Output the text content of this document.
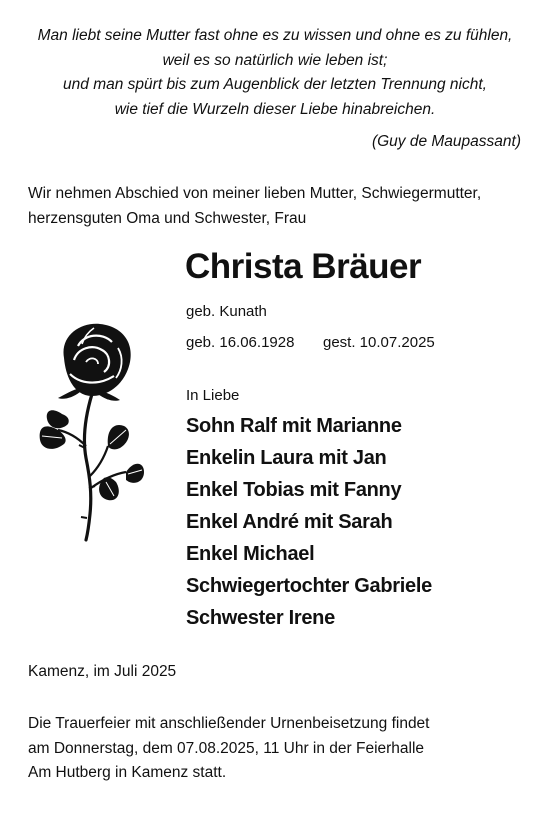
Man liebt seine Mutter fast ohne es zu wissen und ohne es zu fühlen,
weil es so natürlich wie leben ist;
und man spürt bis zum Augenblick der letzten Trennung nicht,
wie tief die Wurzeln dieser Liebe hinabreichen.
(Guy de Maupassant)
Wir nehmen Abschied von meiner lieben Mutter, Schwiegermutter,
herzensguten Oma und Schwester, Frau
Christa Bräuer
geb. Kunath
geb. 16.06.1928 gest. 10.07.2025
In Liebe
Sohn Ralf mit Marianne
Enkelin Laura mit Jan
Enkel Tobias mit Fanny
Enkel André mit Sarah
Enkel Michael
Schwiegertochter Gabriele
Schwester Irene
Kamenz, im Juli 2025
Die Trauerfeier mit anschließender Urnenbeisetzung findet
am Donnerstag, dem 07.08.2025, 11 Uhr in der Feierhalle
Am Hutberg in Kamenz statt.
